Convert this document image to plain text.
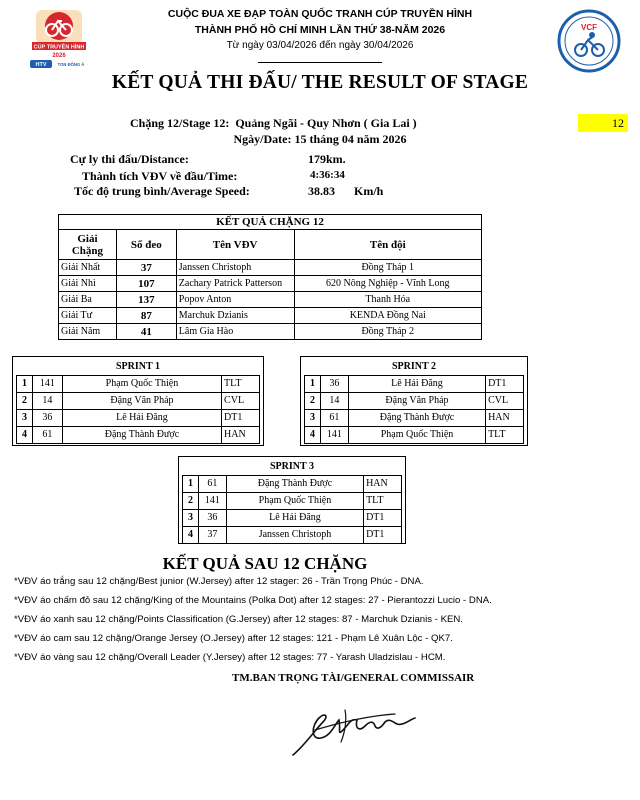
CÚP TRUYỀN HÌNH
2026
HTV	TON ĐÔNG Á
CUỘC ĐUA XE ĐẠP TOÀN QUỐC TRANH CÚP TRUYỀN HÌNH
THÀNH PHỐ HỒ CHÍ MINH LẦN THỨ 38-NĂM 2026
Từ ngày 03/04/2026 đến ngày 30/04/2026
VCF
KẾT QUẢ THI ĐẤU/ THE RESULT OF STAGE
Chặng 12/Stage 12:  Quảng Ngãi - Quy Nhơn ( Gia Lai )	12
Ngày/Date: 15 tháng 04 năm 2026
Cự ly thi đấu/Distance:	179km.
Thành tích VĐV về đầu/Time:	4:36:34
Tốc độ trung bình/Average Speed:	38.83 Km/h
KẾT QUẢ CHẶNG 12			
Giải Chặng	Số đeo	Tên VĐV	Tên đội
Giải Nhất	37	Janssen Christoph	Đồng Tháp 1
Giải Nhì	107	Zachary Patrick Patterson	620 Nông Nghiệp - Vĩnh Long
Giải Ba	137	Popov Anton	Thanh Hóa
Giải Tư	87	Marchuk Dzianis	KENDA Đồng Nai
Giải Năm	41	Lâm Gia Hào	Đồng Tháp 2
SPRINT 1			
1	141	Phạm Quốc Thiện	TLT
2	14	Đặng Văn Pháp	CVL
3	36	Lê Hải Đăng	DT1
4	61	Đặng Thành Được	HAN
SPRINT 2			
1	36	Lê Hải Đăng	DT1
2	14	Đặng Văn Pháp	CVL
3	61	Đặng Thành Được	HAN
4	141	Phạm Quốc Thiện	TLT
SPRINT 3			
1	61	Đặng Thành Được	HAN
2	141	Phạm Quốc Thiện	TLT
3	36	Lê Hải Đăng	DT1
4	37	Janssen Christoph	DT1
KẾT QUẢ SAU 12 CHẶNG
*VĐV áo trắng sau 12 chặng/Best junior (W.Jersey) after 12 stager: 26 - Trần Trọng Phúc - DNA.
*VĐV áo chấm đỏ sau 12 chặng/King of the Mountains (Polka Dot) after 12 stages: 27 - Pierantozzi Lucio - DNA.
*VĐV áo xanh sau 12 chặng/Points Classification (G.Jersey) after 12 stages: 87 - Marchuk Dzianis - KEN.
*VĐV áo cam sau 12 chặng/Orange Jersey (O.Jersey) after 12 stages: 121 - Phạm Lê Xuân Lộc - QK7.
*VĐV áo vàng sau 12 chặng/Overall Leader (Y.Jersey) after 12 stages: 77 - Yarash Uladzislau - HCM.
TM.BAN TRỌNG TÀI/GENERAL COMMISSAIR
